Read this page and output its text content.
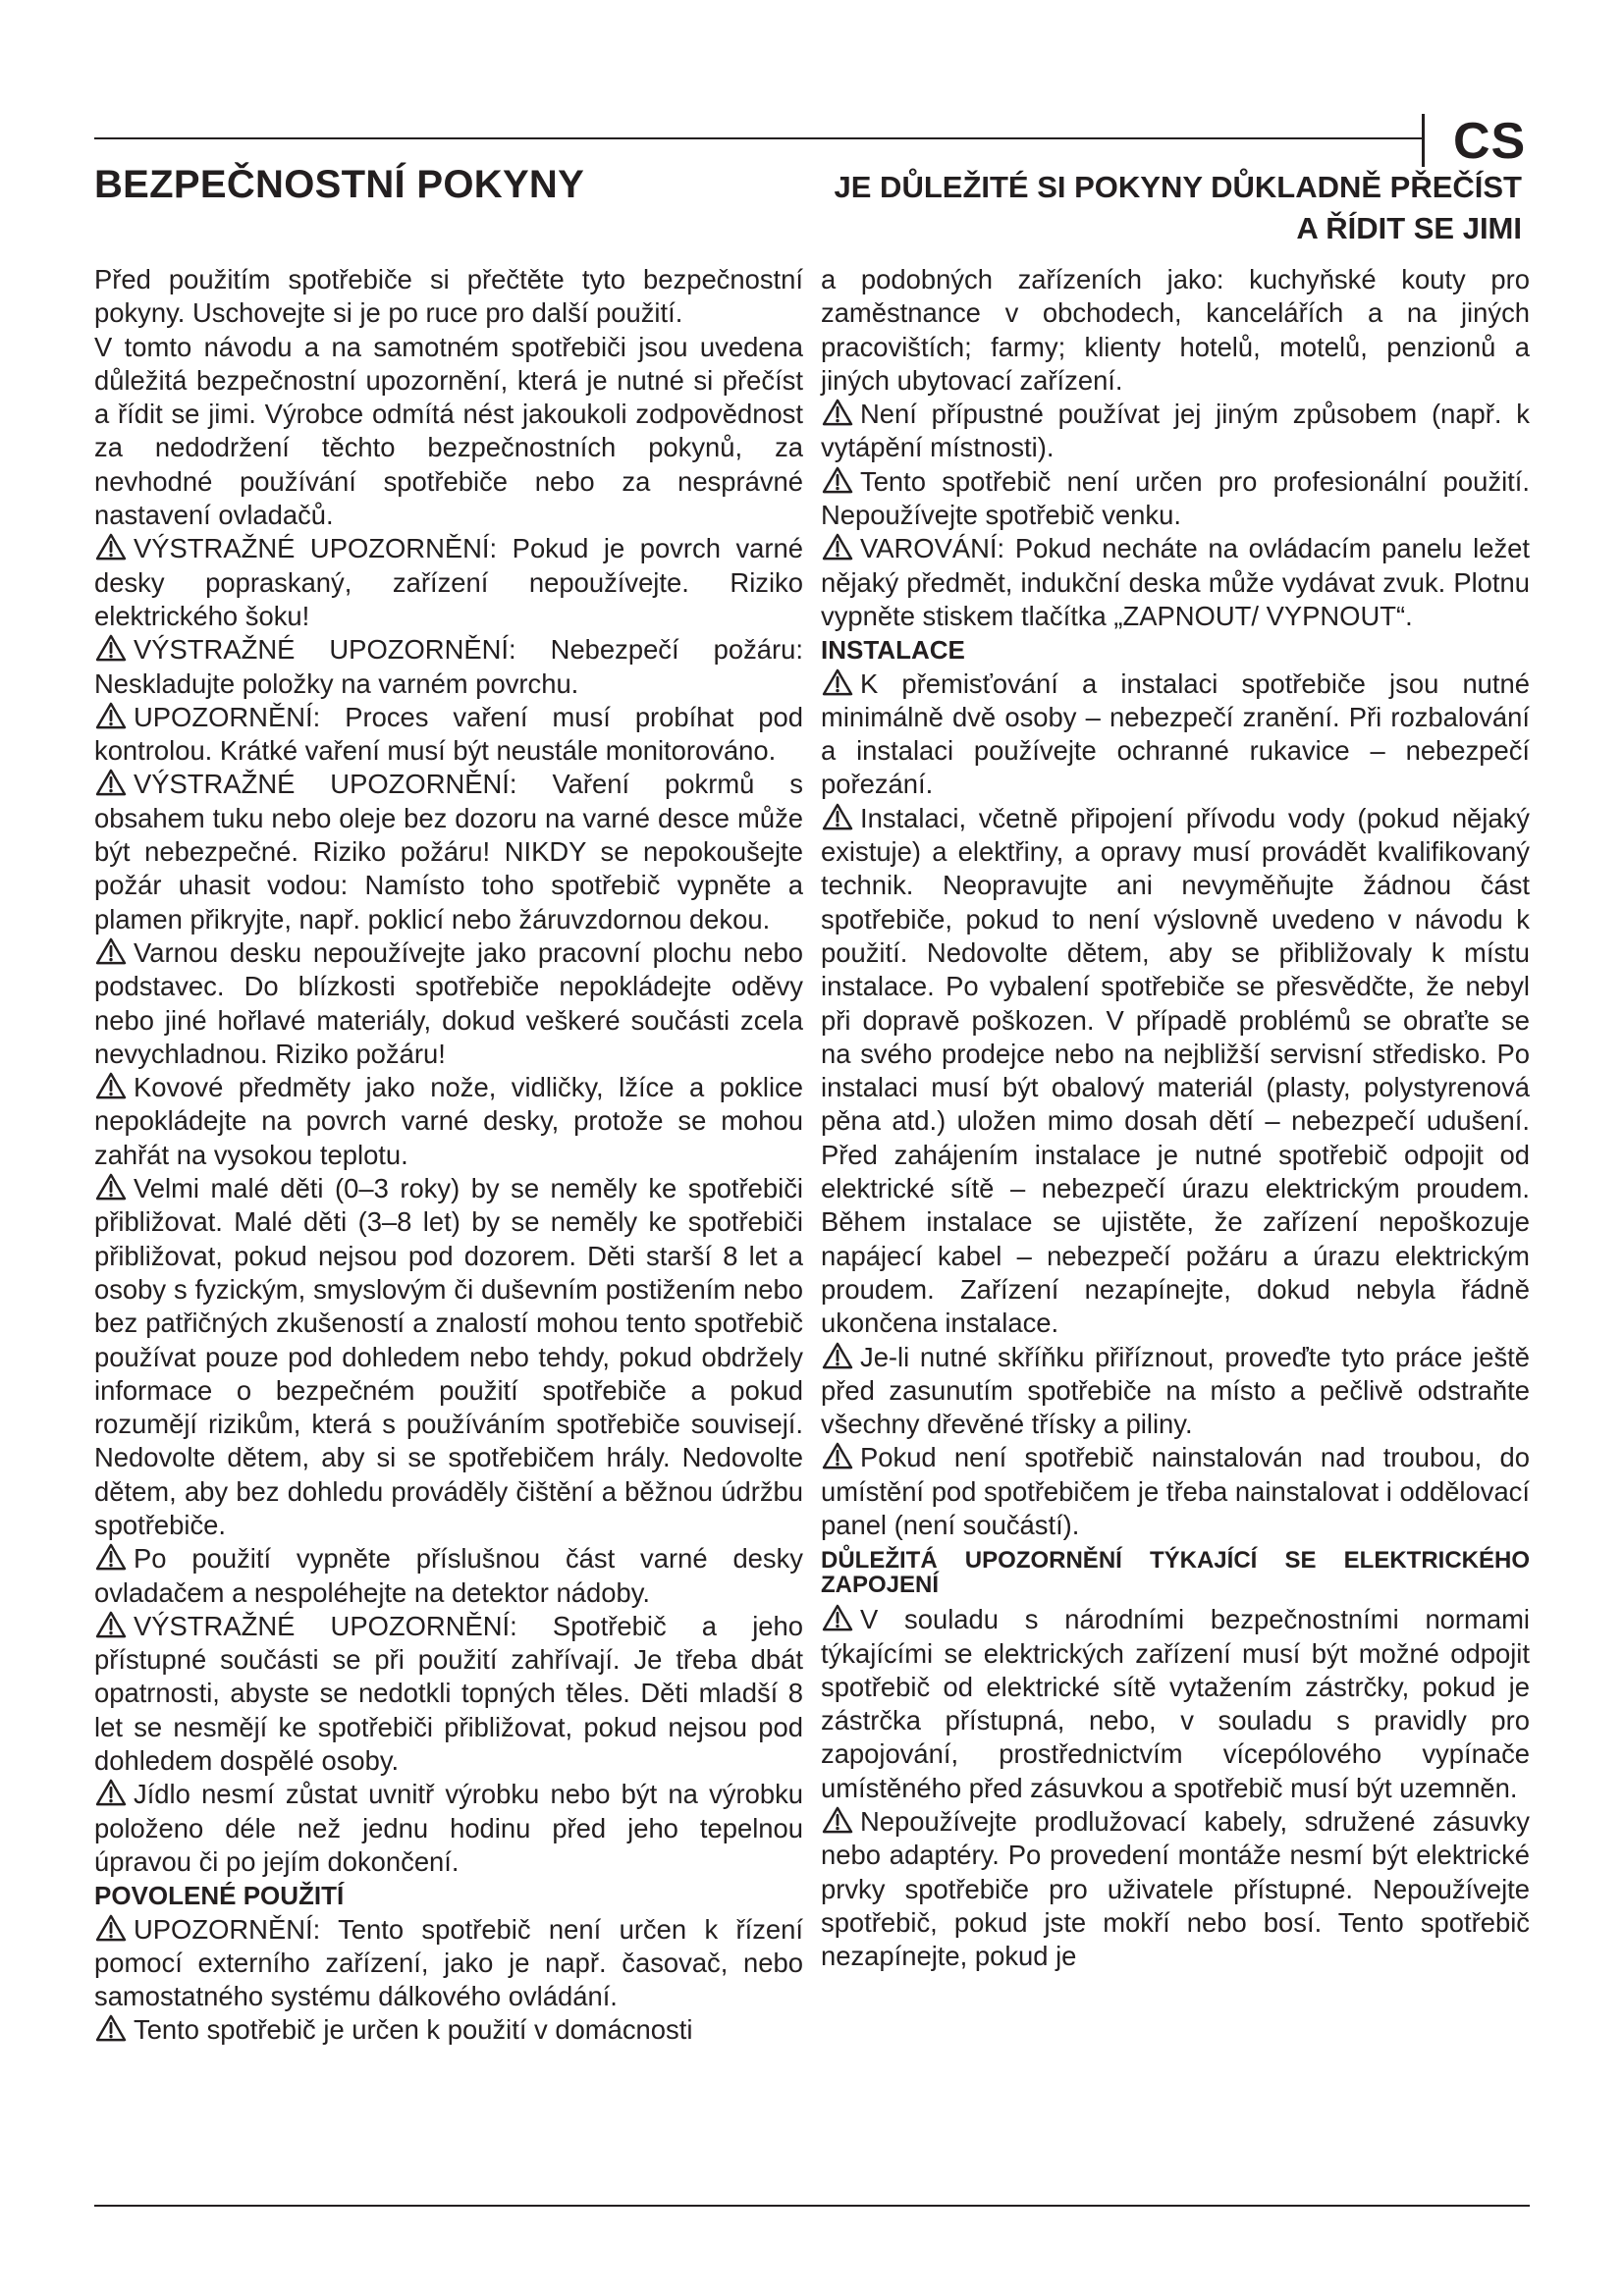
CS
BEZPEČNOSTNÍ POKYNY	JE DŮLEŽITÉ SI POKYNY DŮKLADNĚ PŘEČÍST
A ŘÍDIT SE JIMI

Před použitím spotřebiče si přečtěte tyto bezpečnostní pokyny. Uschovejte si je po ruce pro další použití.

V tomto návodu a na samotném spotřebiči jsou uvedena důležitá bezpečnostní upozornění, která je nutné si přečíst a řídit se jimi. Výrobce odmítá nést jakoukoli zodpovědnost za nedodržení těchto bezpečnostních pokynů, za nevhodné používání spotřebiče nebo za nesprávné nastavení ovladačů.

VÝSTRAŽNÉ UPOZORNĚNÍ: Pokud je povrch varné desky popraskaný, zařízení nepoužívejte. Riziko elektrického šoku!

VÝSTRAŽNÉ UPOZORNĚNÍ: Nebezpečí požáru: Neskladujte položky na varném povrchu.

UPOZORNĚNÍ: Proces vaření musí probíhat pod kontrolou. Krátké vaření musí být neustále monitorováno.

VÝSTRAŽNÉ UPOZORNĚNÍ: Vaření pokrmů s obsahem tuku nebo oleje bez dozoru na varné desce může být nebezpečné. Riziko požáru! NIKDY se nepokoušejte požár uhasit vodou: Namísto toho spotřebič vypněte a plamen přikryjte, např. poklicí nebo žáruvzdornou dekou.

Varnou desku nepoužívejte jako pracovní plochu nebo podstavec. Do blízkosti spotřebiče nepokládejte oděvy nebo jiné hořlavé materiály, dokud veškeré součásti zcela nevychladnou. Riziko požáru!

Kovové předměty jako nože, vidličky, lžíce a poklice nepokládejte na povrch varné desky, protože se mohou zahřát na vysokou teplotu.

Velmi malé děti (0–3 roky) by se neměly ke spotřebiči přibližovat. Malé děti (3–8 let) by se neměly ke spotřebiči přibližovat, pokud nejsou pod dozorem. Děti starší 8 let a osoby s fyzickým, smyslovým či duševním postižením nebo bez patřičných zkušeností a znalostí mohou tento spotřebič používat pouze pod dohledem nebo tehdy, pokud obdržely informace o bezpečném použití spotřebiče a pokud rozumějí rizikům, která s používáním spotřebiče souvisejí. Nedovolte dětem, aby si se spotřebičem hrály. Nedovolte dětem, aby bez dohledu prováděly čištění a běžnou údržbu spotřebiče.

Po použití vypněte příslušnou část varné desky ovladačem a nespoléhejte na detektor nádoby.

VÝSTRAŽNÉ UPOZORNĚNÍ: Spotřebič a jeho přístupné součásti se při použití zahřívají. Je třeba dbát opatrnosti, abyste se nedotkli topných těles. Děti mladší 8 let se nesmějí ke spotřebiči přibližovat, pokud nejsou pod dohledem dospělé osoby.

Jídlo nesmí zůstat uvnitř výrobku nebo být na výrobku položeno déle než jednu hodinu před jeho tepelnou úpravou či po jejím dokončení.

POVOLENÉ POUŽITÍ

UPOZORNĚNÍ: Tento spotřebič není určen k řízení pomocí externího zařízení, jako je např. časovač, nebo samostatného systému dálkového ovládání.

Tento spotřebič je určen k použití v domácnosti

a podobných zařízeních jako: kuchyňské kouty pro zaměstnance v obchodech, kancelářích a na jiných pracovištích; farmy; klienty hotelů, motelů, penzionů a jiných ubytovací zařízení.

Není přípustné používat jej jiným způsobem (např. k vytápění místnosti).

Tento spotřebič není určen pro profesionální použití. Nepoužívejte spotřebič venku.

VAROVÁNÍ: Pokud necháte na ovládacím panelu ležet nějaký předmět, indukční deska může vydávat zvuk. Plotnu vypněte stiskem tlačítka „ZAPNOUT/ VYPNOUT“.

INSTALACE

K přemisťování a instalaci spotřebiče jsou nutné minimálně dvě osoby – nebezpečí zranění. Při rozbalování a instalaci používejte ochranné rukavice – nebezpečí pořezání.

Instalaci, včetně připojení přívodu vody (pokud nějaký existuje) a elektřiny, a opravy musí provádět kvalifikovaný technik. Neopravujte ani nevyměňujte žádnou část spotřebiče, pokud to není výslovně uvedeno v návodu k použití. Nedovolte dětem, aby se přibližovaly k místu instalace. Po vybalení spotřebiče se přesvědčte, že nebyl při dopravě poškozen. V případě problémů se obraťte se na svého prodejce nebo na nejbližší servisní středisko. Po instalaci musí být obalový materiál (plasty, polystyrenová pěna atd.) uložen mimo dosah dětí – nebezpečí udušení. Před zahájením instalace je nutné spotřebič odpojit od elektrické sítě – nebezpečí úrazu elektrickým proudem. Během instalace se ujistěte, že zařízení nepoškozuje napájecí kabel – nebezpečí požáru a úrazu elektrickým proudem. Zařízení nezapínejte, dokud nebyla řádně ukončena instalace.

Je-li nutné skříňku přiříznout, proveďte tyto práce ještě před zasunutím spotřebiče na místo a pečlivě odstraňte všechny dřevěné třísky a piliny.

Pokud není spotřebič nainstalován nad troubou, do umístění pod spotřebičem je třeba nainstalovat i oddělovací panel (není součástí).

DŮLEŽITÁ UPOZORNĚNÍ TÝKAJÍCÍ SE ELEKTRICKÉHO ZAPOJENÍ

V souladu s národními bezpečnostními normami týkajícími se elektrických zařízení musí být možné odpojit spotřebič od elektrické sítě vytažením zástrčky, pokud je zástrčka přístupná, nebo, v souladu s pravidly pro zapojování, prostřednictvím vícepólového vypínače umístěného před zásuvkou a spotřebič musí být uzemněn.

Nepoužívejte prodlužovací kabely, sdružené zásuvky nebo adaptéry. Po provedení montáže nesmí být elektrické prvky spotřebiče pro uživatele přístupné. Nepoužívejte spotřebič, pokud jste mokří nebo bosí. Tento spotřebič nezapínejte, pokud je
